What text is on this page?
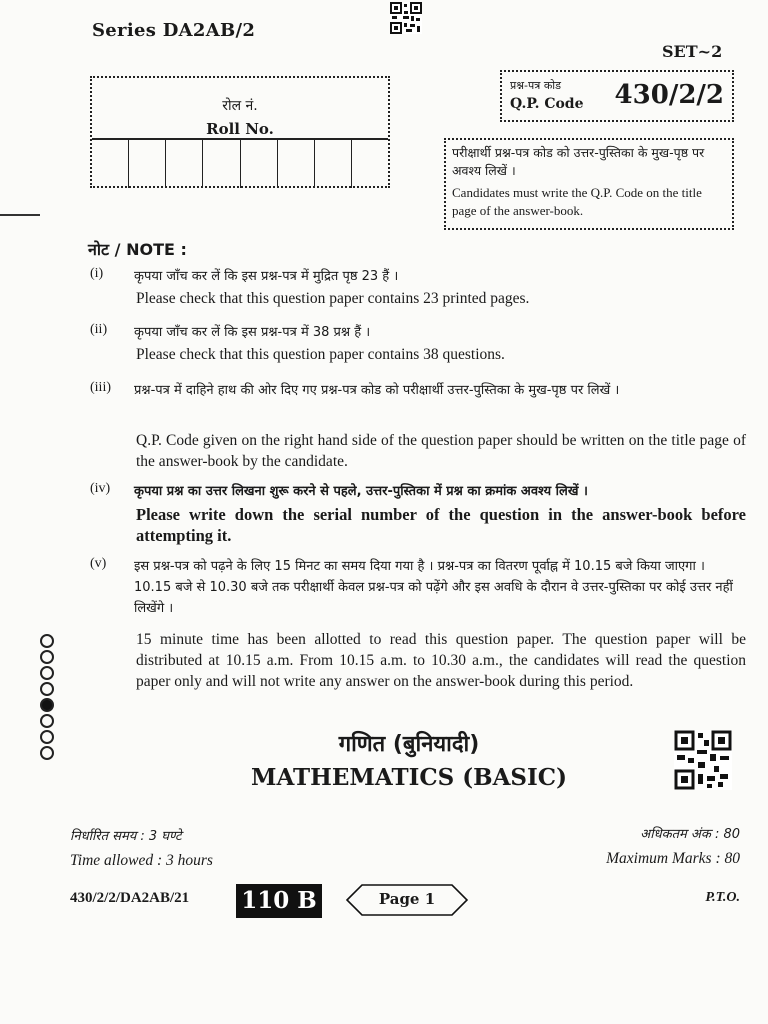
Series DA2AB/2
SET~2
रोल नं.
Roll No.
प्रश्न-पत्र कोड
Q.P. Code 430/2/2
परीक्षार्थी प्रश्न-पत्र कोड को उत्तर-पुस्तिका के मुख-पृष्ठ पर अवश्य लिखें ।
Candidates must write the Q.P. Code on the title page of the answer-book.
नोट / NOTE :
(i) कृपया जाँच कर लें कि इस प्रश्न-पत्र में मुद्रित पृष्ठ 23 हैं ।
Please check that this question paper contains 23 printed pages.
(ii) कृपया जाँच कर लें कि इस प्रश्न-पत्र में 38 प्रश्न हैं ।
Please check that this question paper contains 38 questions.
(iii) प्रश्न-पत्र में दाहिने हाथ की ओर दिए गए प्रश्न-पत्र कोड को परीक्षार्थी उत्तर-पुस्तिका के मुख-पृष्ठ पर लिखें ।
Q.P. Code given on the right hand side of the question paper should be written on the title page of the answer-book by the candidate.
(iv) कृपया प्रश्न का उत्तर लिखना शुरू करने से पहले, उत्तर-पुस्तिका में प्रश्न का क्रमांक अवश्य लिखें ।
Please write down the serial number of the question in the answer-book before attempting it.
(v) इस प्रश्न-पत्र को पढ़ने के लिए 15 मिनट का समय दिया गया है । प्रश्न-पत्र का वितरण पूर्वाह्न में 10.15 बजे किया जाएगा । 10.15 बजे से 10.30 बजे तक परीक्षार्थी केवल प्रश्न-पत्र को पढ़ेंगे और इस अवधि के दौरान वे उत्तर-पुस्तिका पर कोई उत्तर नहीं लिखेंगे ।
15 minute time has been allotted to read this question paper. The question paper will be distributed at 10.15 a.m. From 10.15 a.m. to 10.30 a.m., the candidates will read the question paper only and will not write any answer on the answer-book during this period.
गणित (बुनियादी)
MATHEMATICS (BASIC)
निर्धारित समय : 3 घण्टे
Time allowed : 3 hours
अधिकतम अंक : 80
Maximum Marks : 80
430/2/2/DA2AB/21 110 B	Page 1	P.T.O.
